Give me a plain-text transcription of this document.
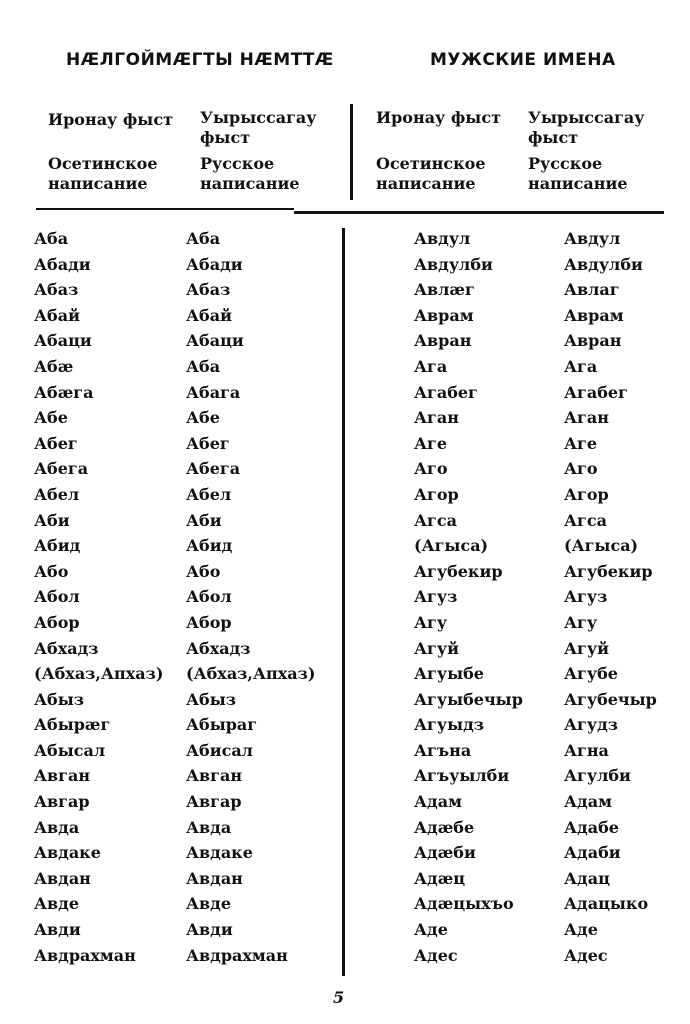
НÆЛГОЙМÆГТЫ НÆМТТÆ	МУЖСКИЕ ИМЕНА
Иронау фыст
Осетинское написание
Уырыссагау фыст
Русское написание
Иронау фыст
Осетинское написание
Уырыссагау фыст
Русское написание
Аба
Абади
Абаз
Абай
Абаци
Абæ
Абæга
Абе
Абег
Абега
Абел
Аби
Абид
Або
Абол
Абор
Абхадз
(Абхаз,Апхаз)
Абыз
Абырæг
Абысал
Авган
Авгар
Авда
Авдаке
Авдан
Авде
Авди
Авдрахман
Аба
Абади
Абаз
Абай
Абаци
Аба
Абага
Абе
Абег
Абега
Абел
Аби
Абид
Або
Абол
Абор
Абхадз
(Абхаз,Апхаз)
Абыз
Абыраг
Абисал
Авган
Авгар
Авда
Авдаке
Авдан
Авде
Авди
Авдрахман
Авдул
Авдулби
Авлæг
Аврам
Авран
Ага
Агабег
Аган
Аге
Аго
Агор
Агса
(Агыса)
Агубекир
Агуз
Агу
Агуй
Агуыбе
Агуыбечыр
Агуыдз
Агъна
Агъуылби
Адам
Адæбе
Адæби
Адæц
Адæцыхъо
Аде
Адес
Авдул
Авдулби
Авлаг
Аврам
Авран
Ага
Агабег
Аган
Аге
Аго
Агор
Агса
(Агыса)
Агубекир
Агуз
Агу
Агуй
Агубе
Агубечыр
Агудз
Агна
Агулби
Адам
Адабе
Адаби
Адац
Адацыко
Аде
Адес
5
